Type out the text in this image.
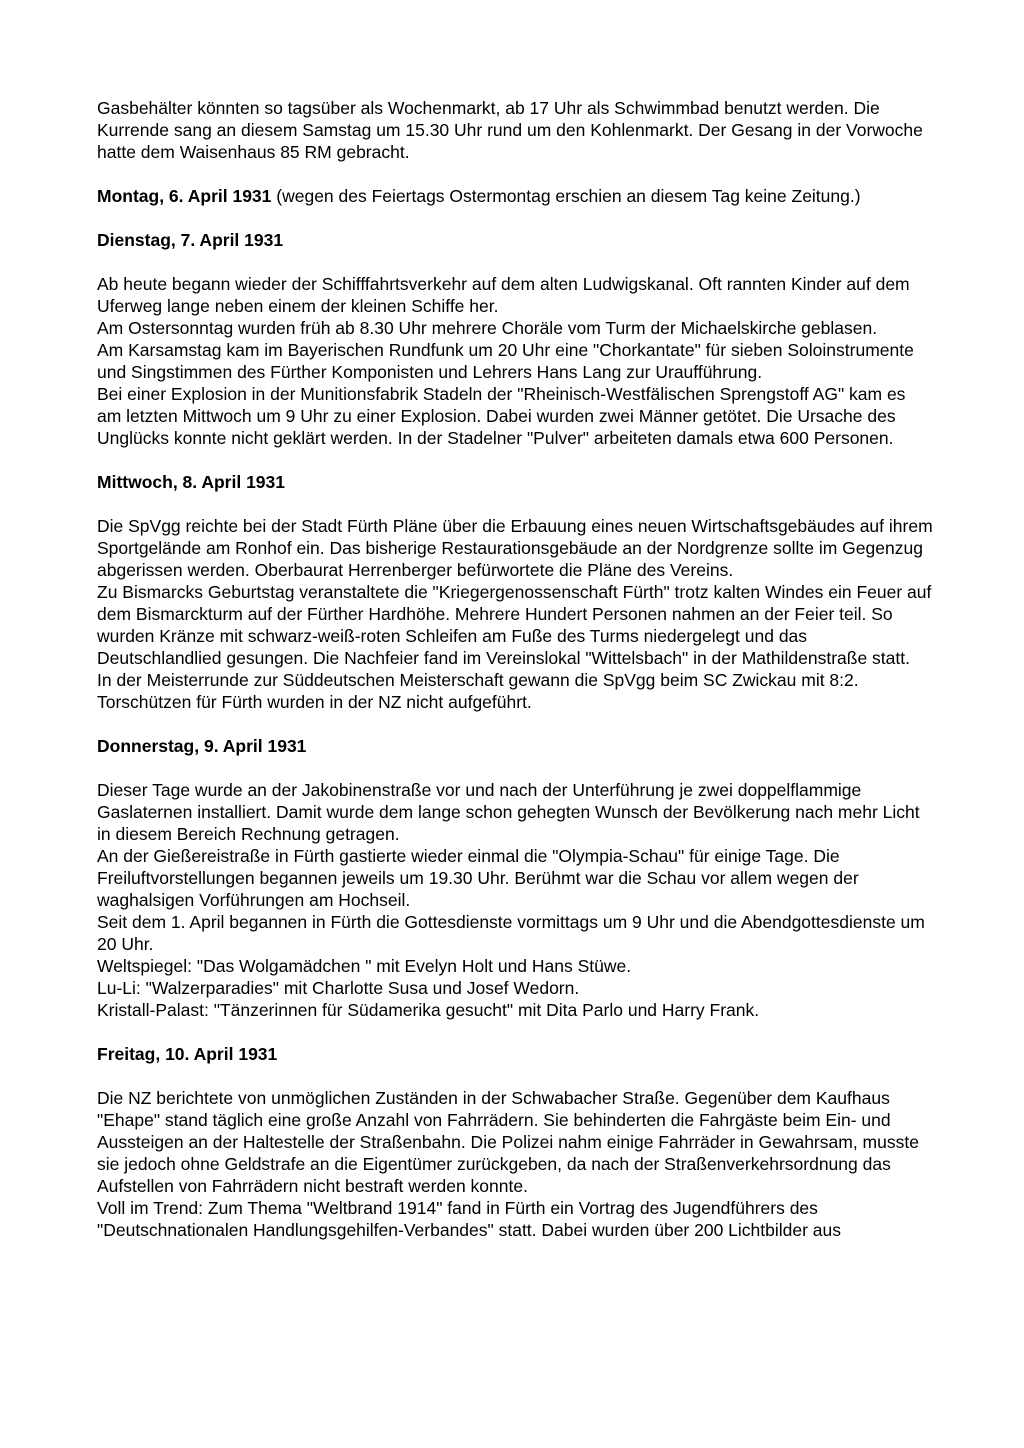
Gasbehälter könnten so tagsüber als Wochenmarkt, ab 17 Uhr als Schwimmbad benutzt werden. Die Kurrende sang an diesem Samstag um 15.30 Uhr rund um den Kohlenmarkt. Der Gesang in der Vorwoche hatte dem Waisenhaus 85 RM gebracht.
Montag, 6. April 1931 (wegen des Feiertags Ostermontag erschien an diesem Tag keine Zeitung.)
Dienstag, 7. April 1931
Ab heute begann wieder der Schifffahrtsverkehr auf dem alten Ludwigskanal. Oft rannten Kinder auf dem Uferweg lange neben einem der kleinen Schiffe her.
Am Ostersonntag wurden früh ab 8.30 Uhr mehrere Choräle vom Turm der Michaelskirche geblasen.
Am Karsamstag kam im Bayerischen Rundfunk um 20 Uhr eine "Chorkantate" für sieben Soloinstrumente und Singstimmen des Fürther Komponisten und Lehrers Hans Lang zur Uraufführung.
Bei einer Explosion in der Munitionsfabrik Stadeln der "Rheinisch-Westfälischen Sprengstoff AG" kam es am letzten Mittwoch um 9 Uhr zu einer Explosion. Dabei wurden zwei Männer getötet. Die Ursache des Unglücks konnte nicht geklärt werden. In der Stadelner "Pulver" arbeiteten damals etwa 600 Personen.
Mittwoch, 8. April 1931
Die SpVgg reichte bei der Stadt Fürth Pläne über die Erbauung eines neuen Wirtschaftsgebäudes auf ihrem Sportgelände am Ronhof ein. Das bisherige Restaurationsgebäude an der Nordgrenze sollte im Gegenzug abgerissen werden. Oberbaurat Herrenberger befürwortete die Pläne des Vereins.
Zu Bismarcks Geburtstag veranstaltete die "Kriegergenossenschaft Fürth" trotz kalten Windes ein Feuer auf dem Bismarckturm auf der Fürther Hardhöhe. Mehrere Hundert Personen nahmen an der Feier teil. So wurden Kränze mit schwarz-weiß-roten Schleifen am Fuße des Turms niedergelegt und das Deutschlandlied gesungen. Die Nachfeier fand im Vereinslokal "Wittelsbach" in der Mathildenstraße statt.
In der Meisterrunde zur Süddeutschen Meisterschaft gewann die SpVgg beim SC Zwickau mit 8:2. Torschützen für Fürth wurden in der NZ nicht aufgeführt.
Donnerstag, 9. April 1931
Dieser Tage wurde an der Jakobinenstraße vor und nach der Unterführung je zwei doppelflammige Gaslaternen installiert. Damit wurde dem lange schon gehegten Wunsch der Bevölkerung nach mehr Licht in diesem Bereich Rechnung getragen.
An der Gießereistraße in Fürth gastierte wieder einmal die "Olympia-Schau" für einige Tage. Die Freiluftvorstellungen begannen jeweils um 19.30 Uhr. Berühmt war die Schau vor allem wegen der waghalsigen Vorführungen am Hochseil.
Seit dem 1. April begannen in Fürth die Gottesdienste vormittags um 9 Uhr und die Abendgottesdienste um 20 Uhr.
Weltspiegel: "Das Wolgamädchen " mit Evelyn Holt und Hans Stüwe.
Lu-Li: "Walzerparadies" mit Charlotte Susa und Josef Wedorn.
Kristall-Palast: "Tänzerinnen für Südamerika gesucht" mit Dita Parlo und Harry Frank.
Freitag, 10. April 1931
Die NZ berichtete von unmöglichen Zuständen in der Schwabacher Straße. Gegenüber dem Kaufhaus "Ehape" stand täglich eine große Anzahl von Fahrrädern. Sie behinderten die Fahrgäste beim Ein- und Aussteigen an der Haltestelle der Straßenbahn. Die Polizei nahm einige Fahrräder in Gewahrsam, musste sie jedoch ohne Geldstrafe an die Eigentümer zurückgeben, da nach der Straßenverkehrsordnung das Aufstellen von Fahrrädern nicht bestraft werden konnte.
Voll im Trend: Zum Thema "Weltbrand 1914" fand in Fürth ein Vortrag des Jugendführers des "Deutschnationalen Handlungsgehilfen-Verbandes" statt. Dabei wurden über 200 Lichtbilder aus
